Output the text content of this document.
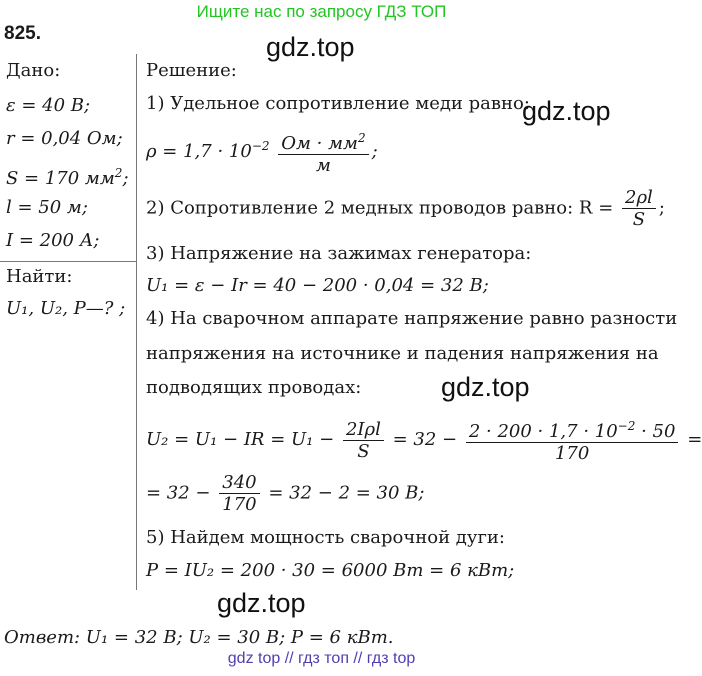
Ищите нас по запросу ГДЗ ТОП
825.	gdz.top
gdz.top
gdz.top
gdz.top
Дано:
ε = 40 В;
r = 0,04 Ом;
S = 170 $мм^2$;
l = 50 м;
I = 200 А;
Найти:
U₁, U₂, P—? ;
Решение:
1) Удельное сопротивление меди равно:
$\rho = 1,7 \cdot 10^{-2} \frac{Ом \cdot мм^2}{м}$ ;
2) Сопротивление 2 медных проводов равно: $R = \frac{2\rho l}{S}$ ;
3) Напряжение на зажимах генератора:
U₁ = ε − Ir = 40 − 200 · 0,04 = 32 В;
4) На сварочном аппарате напряжение равно разности
напряжения на источнике и падения напряжения на
подводящих проводах:
U₂ = U₁ − IR = $U_1 - \frac{\text{2Iρl}}{S} = 32 - \frac{2 \cdot 200 \cdot 1,7 \cdot 10^{-2} \cdot 50}{170}$ =
= $32 - \frac{340}{170} = 32 - 2 = 30$ В;
5) Найдем мощность сварочной дуги:
P = IU₂ = 200 · 30 = 6000 Вт = 6 кВт;
Ответ: U₁ = 32 В; U₂ = 30 В; P = 6 кВт.
gdz top // гдз топ // гдз top
